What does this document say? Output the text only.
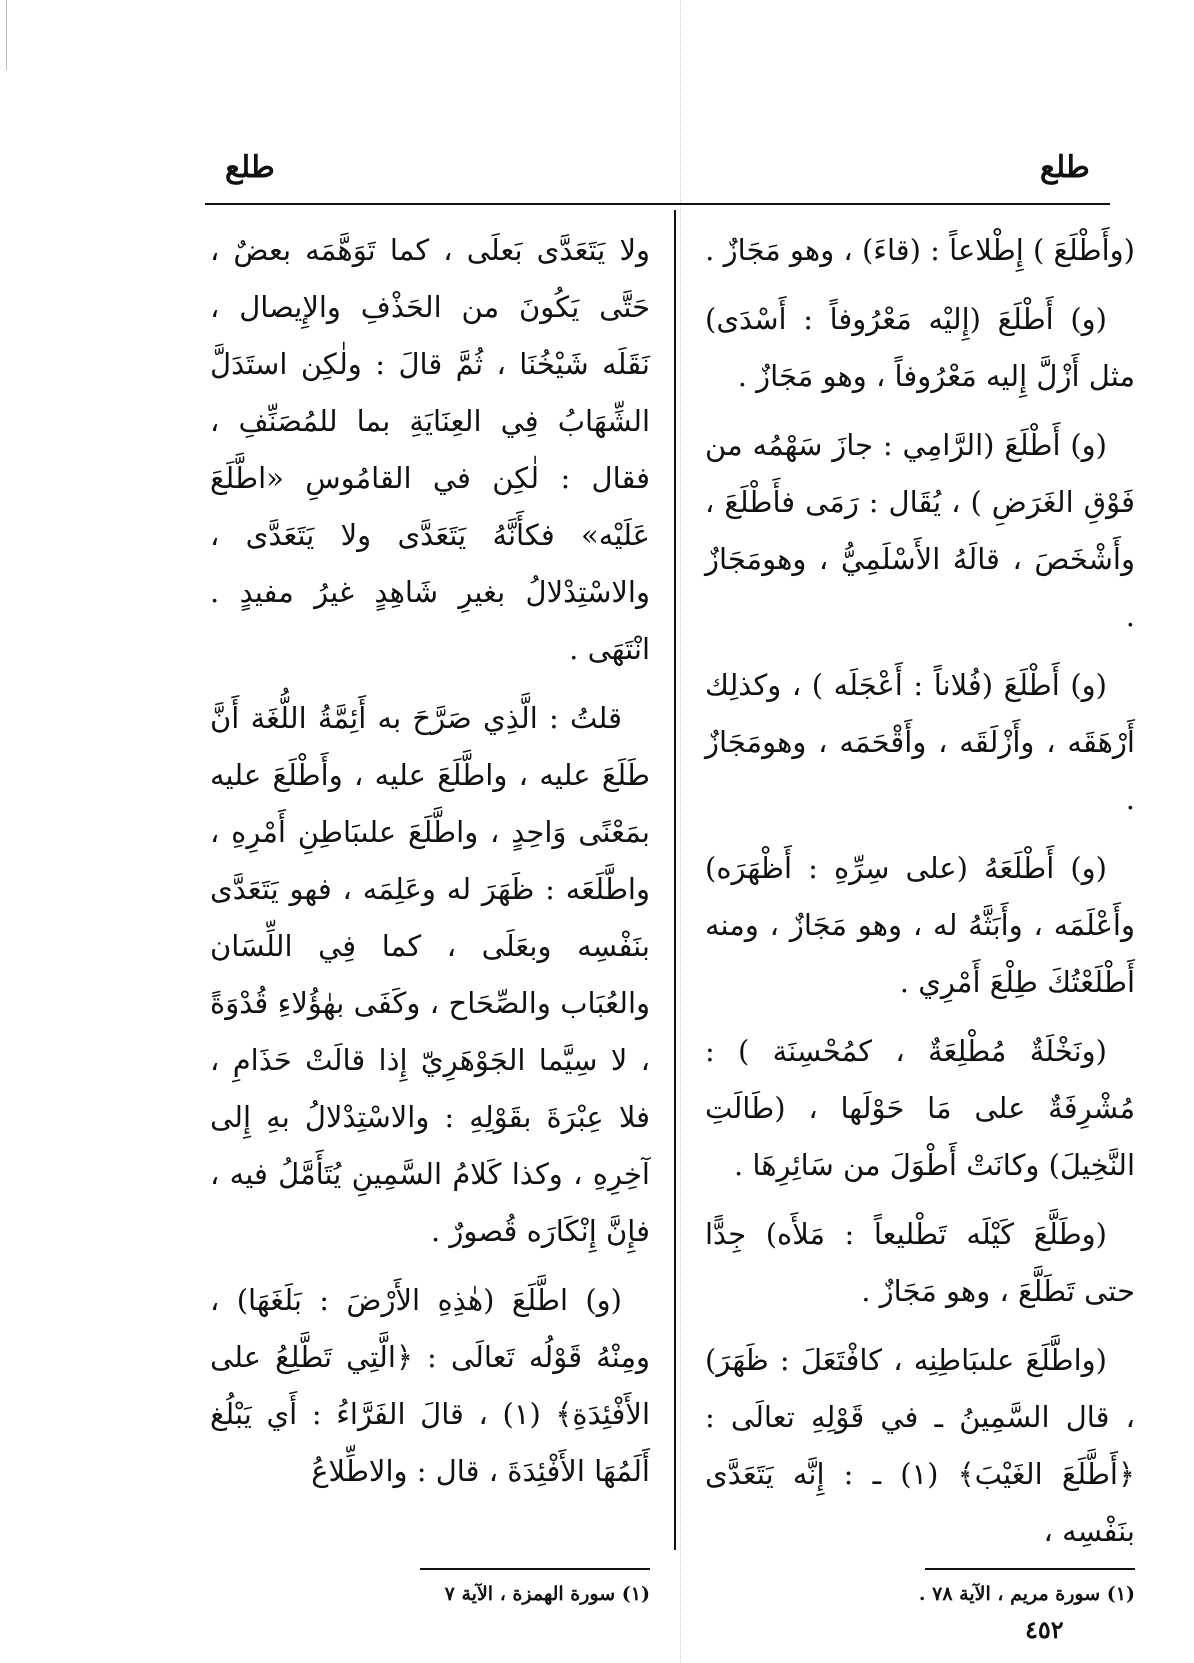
طلع	طلع

(وأَطْلَعَ ) إِطْلاعاً : (قاءَ) ، وهو مَجَازٌ .

(و) أَطْلَعَ (إِليْه مَعْرُوفاً : أَسْدَى) مثل أَزْلَّ إِليه مَعْرُوفاً ، وهو مَجَازٌ .

(و) أَطْلَعَ (الرَّامِي : جازَ سَهْمُه من فَوْقِ الغَرَضِ ) ، يُقَال : رَمَى فأَطْلَعَ ، وأَشْخَصَ ، قالَهُ الأَسْلَمِيُّ ، وهومَجَازٌ .

(و) أَطْلَعَ (فُلاناً : أَعْجَلَه ) ، وكذلِك أَرْهَقَه ، وأَزْلَقَه ، وأَقْحَمَه ، وهومَجَازٌ .

(و) أَطْلَعَهُ (على سِرِّهِ : أَظْهَرَه) وأَعْلَمَه ، وأَبَثَّهُ له ، وهو مَجَازٌ ، ومنه أَطْلَعْتُكَ طِلْعَ أَمْرِي .

(ونَخْلَةٌ مُطْلِعَةٌ ، كمُحْسِنَة ) : مُشْرِفَةٌ على مَا حَوْلَها ، (طَالَتِ النَّخِيلَ) وكانَتْ أَطْوَلَ من سَائِرِهَا .

(وطَلَّعَ كَيْلَه تَطْليعاً : مَلأَه) جِدًّا حتى تَطَلَّعَ ، وهو مَجَازٌ .

(واطَّلَعَ علىبَاطِنِه ، كافْتَعَلَ : ظَهَرَ) ، قال السَّمِينُ ـ في قَوْلِهِ تعالَى : ﴿أَطَّلَعَ الغَيْبَ﴾ (١) ـ : إِنَّه يَتَعَدَّى بنَفْسِه ،

ولا يَتَعَدَّى بَعلَى ، كما تَوَهَّمَه بعضٌ ، حَتَّى يَكُونَ من الحَذْفِ والإِيصال ، نَقَلَه شَيْخُنَا ، ثُمَّ قالَ : ولٰكِن استَدَلَّ الشِّهَابُ فِي العِنَايَةِ بما للمُصَنِّفِ ، فقال : لٰكِن في القامُوسِ «اطَّلَعَ عَلَيْه» فكأَنَّهُ يَتَعَدَّى ولا يَتَعَدَّى ، والاسْتِدْلالُ بغيرِ شَاهِدٍ غيرُ مفيدٍ . انْتَهَى .

قلتُ : الَّذِي صَرَّحَ به أَئِمَّةُ اللُّغَة أَنَّ طَلَعَ عليه ، واطَّلَعَ عليه ، وأَطْلَعَ عليه بمَعْنًى وَاحِدٍ ، واطَّلَعَ علىبَاطِنِ أَمْرِهِ ، واطَّلَعَه : ظَهَرَ له وعَلِمَه ، فهو يَتَعَدَّى بنَفْسِه وبعَلَى ، كما فِي اللِّسَان والعُبَاب والصِّحَاح ، وكَفَى بهٰؤُلاءِ قُدْوَةً ، لا سِيَّما الجَوْهَرِيّ إِذا قالَتْ حَذَامِ ، فلا عِبْرَةَ بقَوْلِهِ : والاسْتِدْلالُ بهِ إِلى آخِرِهِ ، وكذا كَلامُ السَّمِينِ يُتَأَمَّلُ فيه ، فإِنَّ إِنْكَارَه قُصورٌ .

(و) اطَّلَعَ (هٰذِهِ الأَرْضَ : بَلَغَهَا) ، ومِنْهُ قَوْلُه تَعالَى : ﴿الَّتِي تَطَّلِعُ على الأَفْئِدَةِ﴾ (١) ، قالَ الفَرَّاءُ : أَي يَبْلُغ أَلَمُهَا الأَفْئِدَةَ ، قال : والاطِّلاعُ

(١) سورة مريم ، الآية ٧٨ .
(١) سورة الهمزة ، الآية ٧
٤٥٢
